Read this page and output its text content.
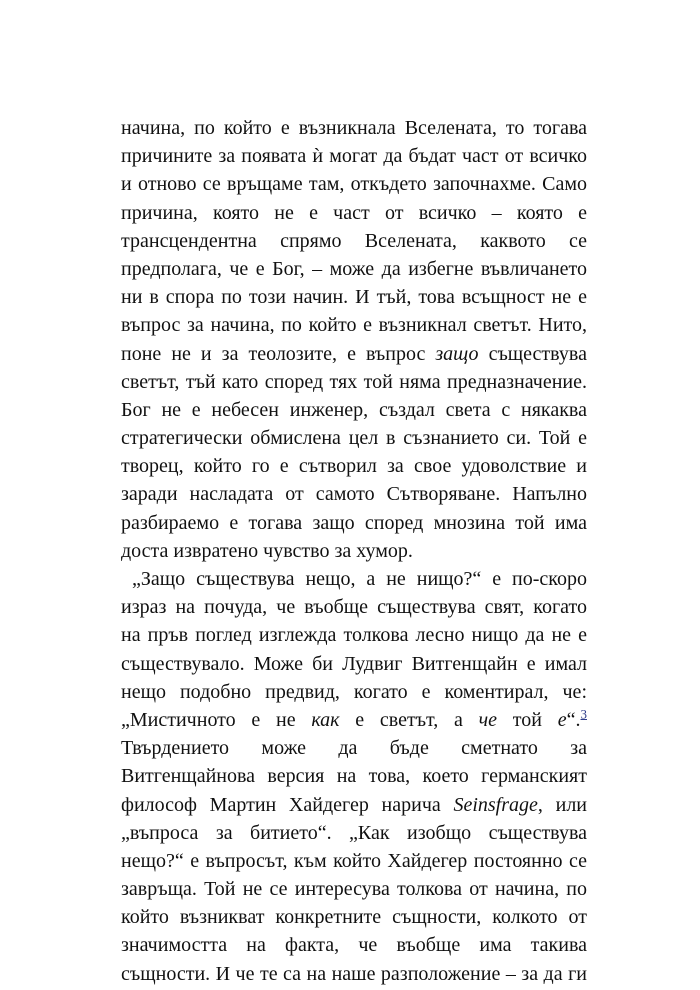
начина, по който е възникнала Вселената, то тогава
причините за появата ѝ могат да бъдат част от всичко
и отново се връщаме там, откъдето започнахме. Само
причина, която не е част от всичко – която е
трансцендентна спрямо Вселената, каквото се
предполага, че е Бог, – може да избегне въвличането
ни в спора по този начин. И тъй, това всъщност не е
въпрос за начина, по който е възникнал светът. Нито,
поне не и за теолозите, е въпрос защо съществува
светът, тъй като според тях той няма предназначение.
Бог не е небесен инженер, създал света с някаква
стратегически обмислена цел в съзнанието си. Той е
творец, който го е сътворил за свое удоволствие и
заради насладата от самото Сътворяване. Напълно
разбираемо е тогава защо според мнозина той има
доста извратено чувство за хумор.

„Защо съществува нещо, а не нищо?“ е по-скоро
израз на почуда, че въобще съществува свят, когато
на пръв поглед изглежда толкова лесно нищо да не е
съществувало. Може би Лудвиг Витгенщайн е имал
нещо подобно предвид, когато е коментирал, че:
„Мистичното е не как е светът, а че той е“.$^3$
Твърдението може да бъде сметнато за
Витгенщайнова версия на това, което германският
философ Мартин Хайдегер нарича Seinsfrage, или
„въпроса за битието“. „Как изобщо съществува
нещо?“ е въпросът, към който Хайдегер постоянно се
завръща. Той не се интересува толкова от начина, по
който възникват конкретните същности, колкото от
значимостта на факта, че въобще има такива
същности. И че те са на наше разположение – за да ги
